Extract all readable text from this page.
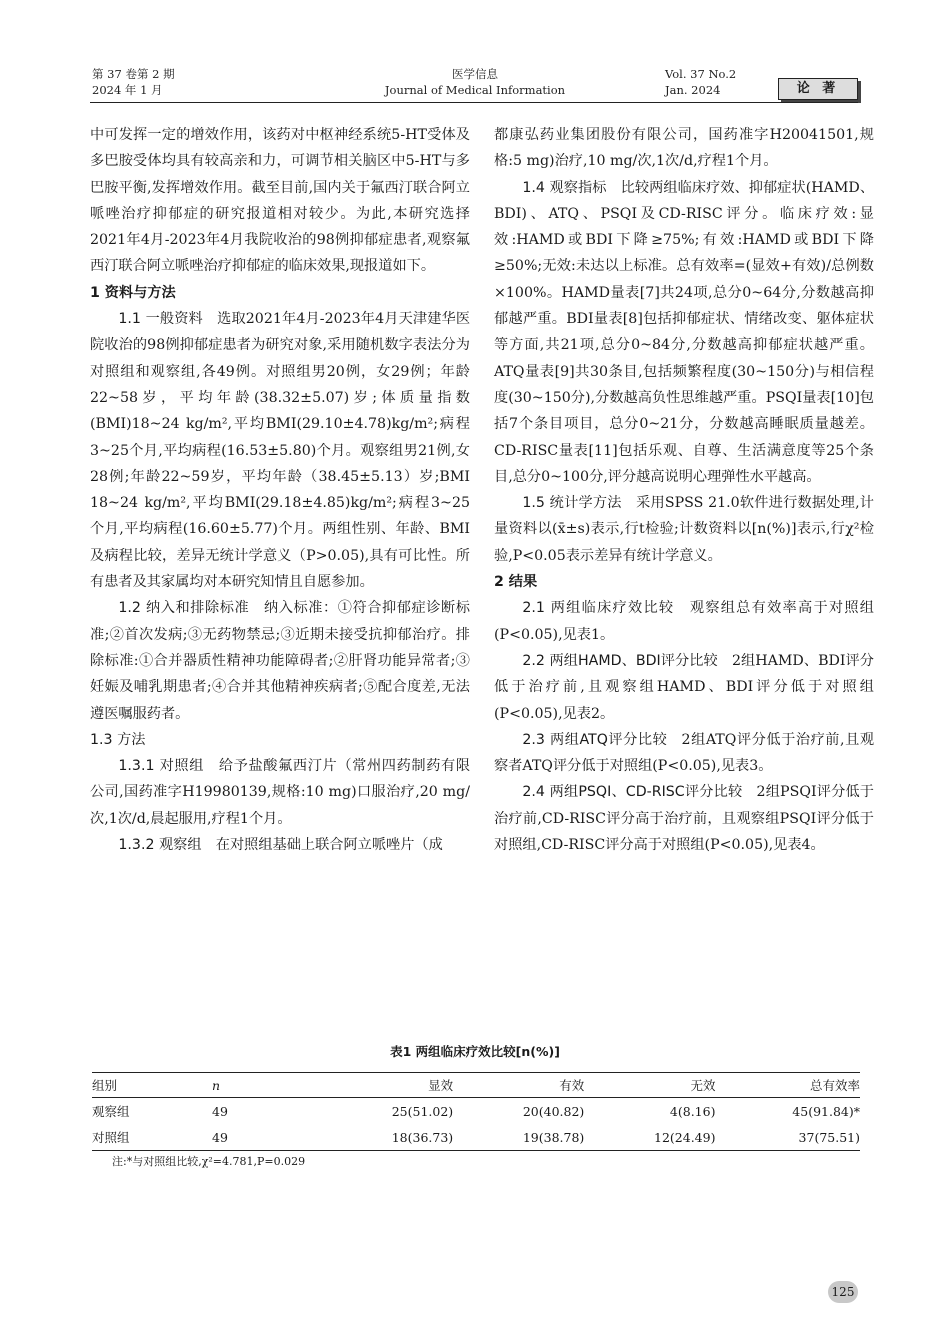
第 37 卷第 2 期
2024 年 1 月
医学信息
Journal of Medical Information
Vol. 37 No.2
Jan. 2024	论 著

中可发挥一定的增效作用，该药对中枢神经系统5-HT受体及多巴胺受体均具有较高亲和力，可调节相关脑区中5-HT与多巴胺平衡,发挥增效作用。截至目前,国内关于氟西汀联合阿立哌唑治疗抑郁症的研究报道相对较少。为此,本研究选择2021年4月-2023年4月我院收治的98例抑郁症患者,观察氟西汀联合阿立哌唑治疗抑郁症的临床效果,现报道如下。

1 资料与方法

1.1 一般资料  选取2021年4月-2023年4月天津建华医院收治的98例抑郁症患者为研究对象,采用随机数字表法分为对照组和观察组,各49例。对照组男20例，女29例；年龄22~58岁，平均年龄(38.32±5.07)岁;体质量指数(BMI)18~24 kg/m²,平均BMI(29.10±4.78)kg/m²;病程3~25个月,平均病程(16.53±5.80)个月。观察组男21例,女28例;年龄22~59岁，平均年龄（38.45±5.13）岁;BMI 18~24 kg/m²,平均BMI(29.18±4.85)kg/m²;病程3~25个月,平均病程(16.60±5.77)个月。两组性别、年龄、BMI及病程比较，差异无统计学意义（P>0.05),具有可比性。所有患者及其家属均对本研究知情且自愿参加。

1.2 纳入和排除标准  纳入标准：①符合抑郁症诊断标准;②首次发病;③无药物禁忌;③近期未接受抗抑郁治疗。排除标准:①合并器质性精神功能障碍者;②肝肾功能异常者;③妊娠及哺乳期患者;④合并其他精神疾病者;⑤配合度差,无法遵医嘱服药者。

1.3 方法

1.3.1 对照组  给予盐酸氟西汀片（常州四药制药有限公司,国药准字H19980139,规格:10 mg)口服治疗,20 mg/次,1次/d,晨起服用,疗程1个月。

1.3.2 观察组  在对照组基础上联合阿立哌唑片（成

都康弘药业集团股份有限公司，国药准字H20041501,规格:5 mg)治疗,10 mg/次,1次/d,疗程1个月。

1.4 观察指标  比较两组临床疗效、抑郁症状(HAMD、BDI)、ATQ、PSQI及CD-RISC评分。临床疗效:显效:HAMD或BDI下降≥75%;有效:HAMD或BDI下降≥50%;无效:未达以上标准。总有效率=(显效+有效)/总例数×100%。HAMD量表[7]共24项,总分0~64分,分数越高抑郁越严重。BDI量表[8]包括抑郁症状、情绪改变、躯体症状等方面,共21项,总分0~84分,分数越高抑郁症状越严重。ATQ量表[9]共30条目,包括频繁程度(30~150分)与相信程度(30~150分),分数越高负性思维越严重。PSQI量表[10]包括7个条目项目，总分0~21分，分数越高睡眠质量越差。CD-RISC量表[11]包括乐观、自尊、生活满意度等25个条目,总分0~100分,评分越高说明心理弹性水平越高。

1.5 统计学方法  采用SPSS 21.0软件进行数据处理,计量资料以(x̄±s)表示,行t检验;计数资料以[n(%)]表示,行χ²检验,P<0.05表示差异有统计学意义。

2 结果

2.1 两组临床疗效比较  观察组总有效率高于对照组(P<0.05),见表1。

2.2 两组HAMD、BDI评分比较  2组HAMD、BDI评分低于治疗前,且观察组HAMD、BDI评分低于对照组(P<0.05),见表2。

2.3 两组ATQ评分比较  2组ATQ评分低于治疗前,且观察者ATQ评分低于对照组(P<0.05),见表3。

2.4 两组PSQI、CD-RISC评分比较  2组PSQI评分低于治疗前,CD-RISC评分高于治疗前，且观察组PSQI评分低于对照组,CD-RISC评分高于对照组(P<0.05),见表4。

表1 两组临床疗效比较[n(%)]
组别	n	显效	有效	无效	总有效率
观察组	49	25(51.02)	20(40.82)	4(8.16)	45(91.84)*
对照组	49	18(36.73)	19(38.78)	12(24.49)	37(75.51)
注:*与对照组比较,χ²=4.781,P=0.029
125
